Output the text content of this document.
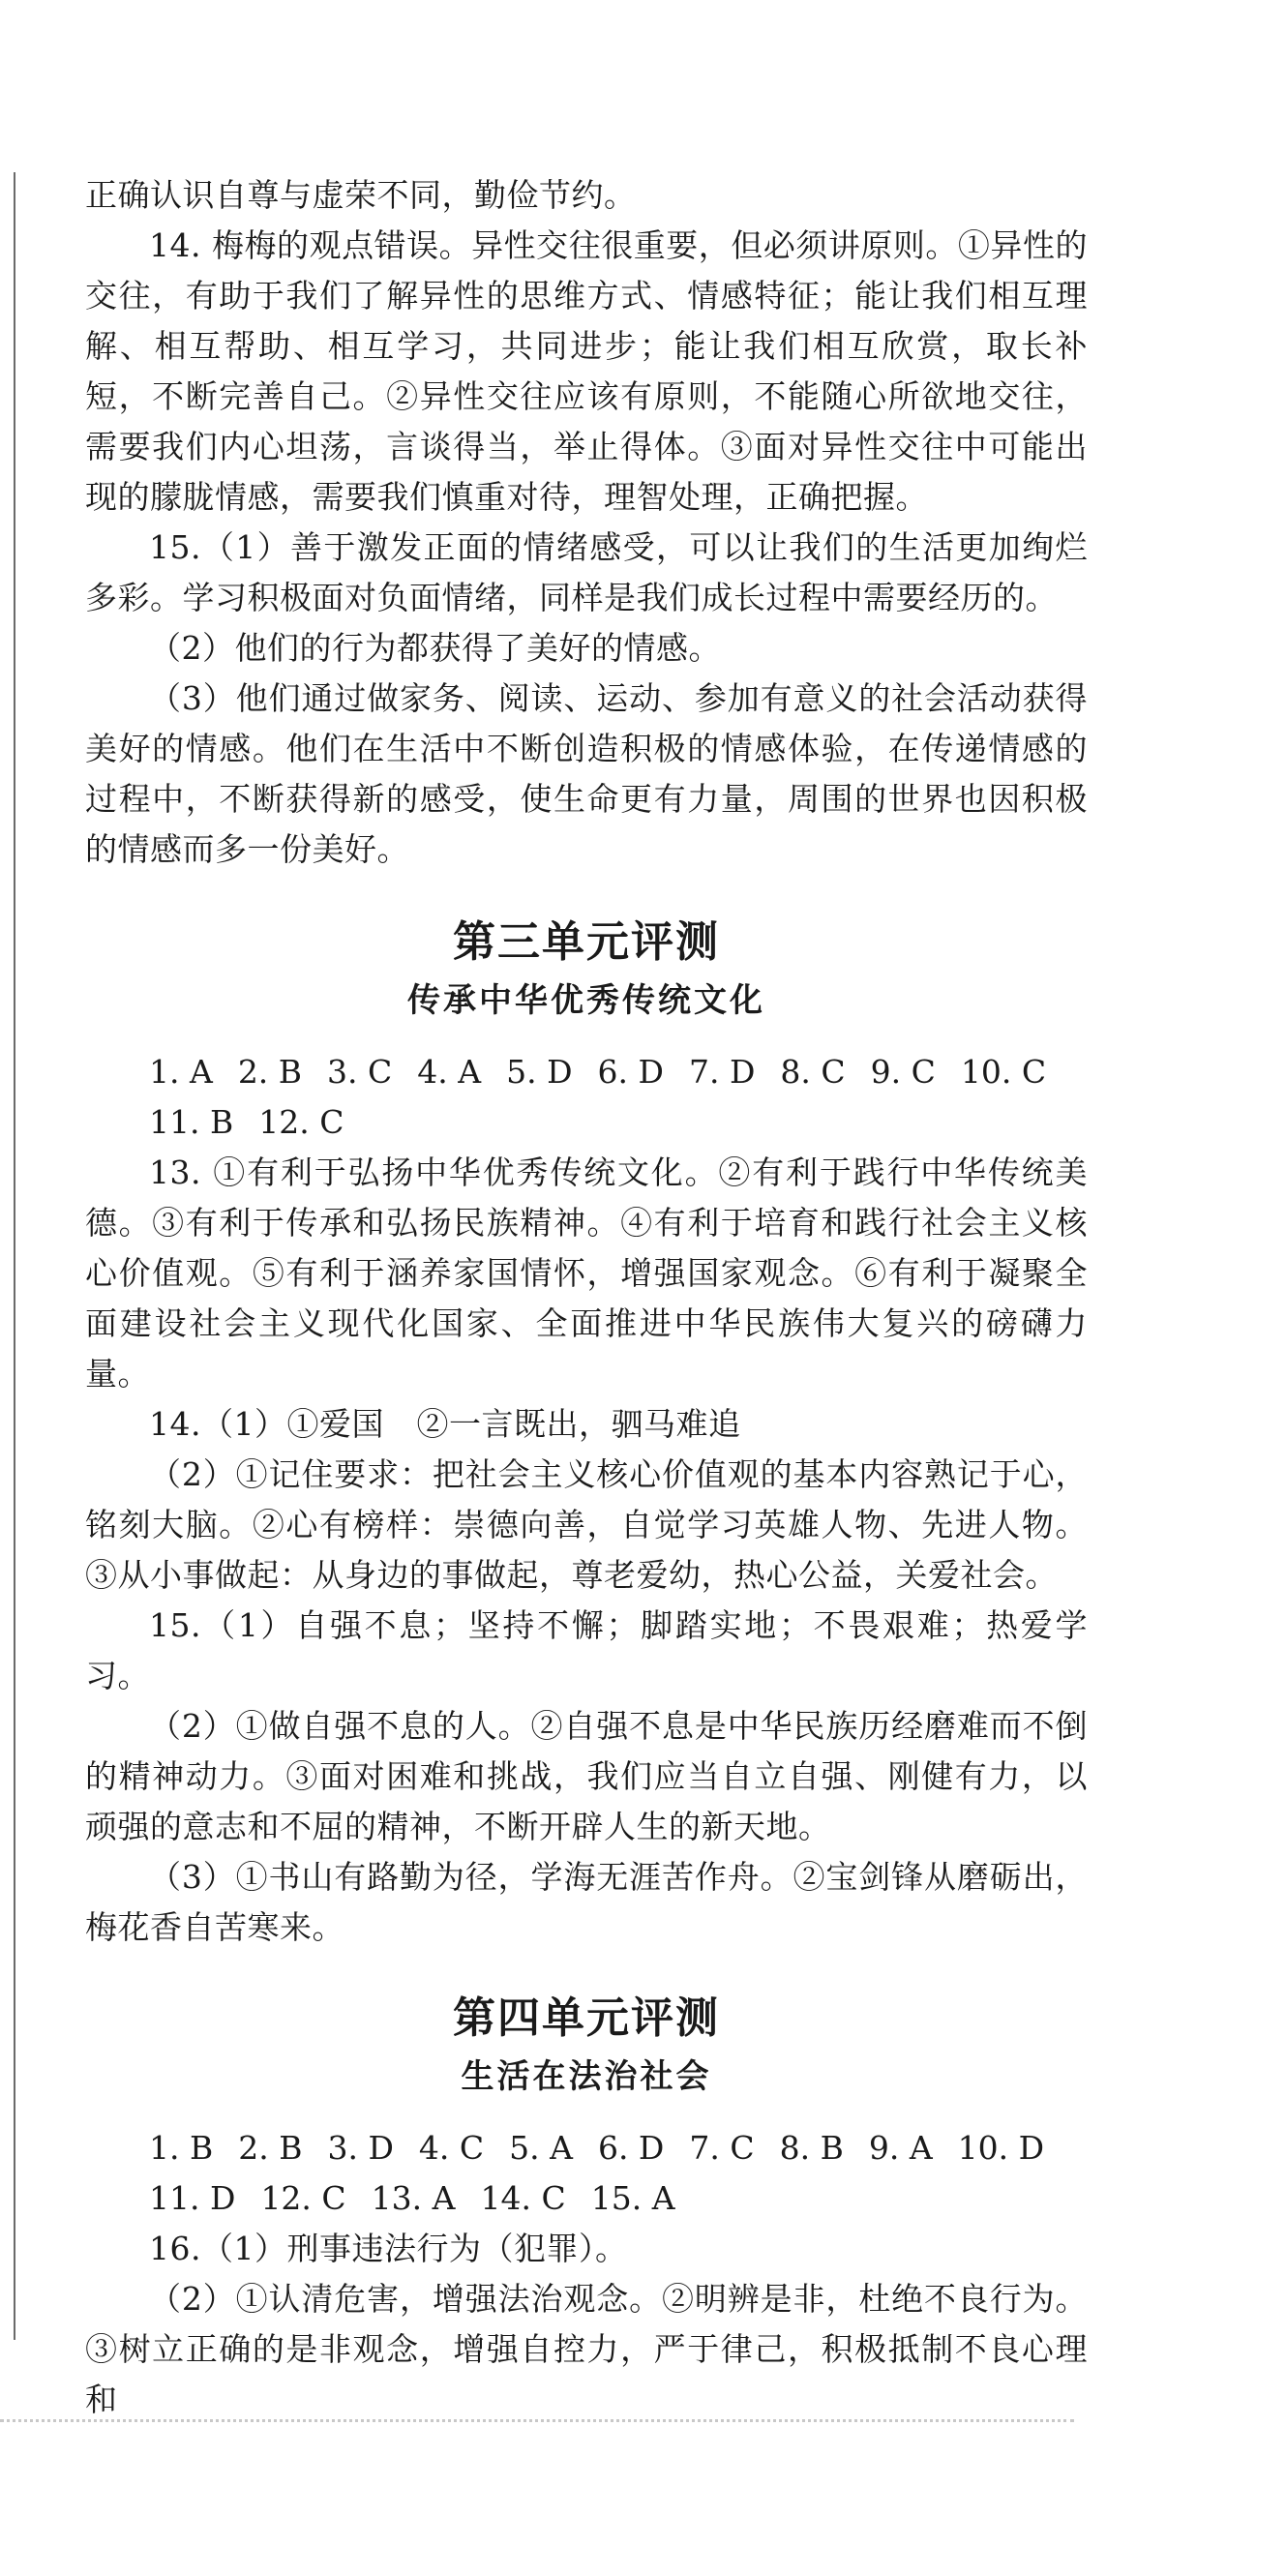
正确认识自尊与虚荣不同，勤俭节约。

14. 梅梅的观点错误。异性交往很重要，但必须讲原则。①异性的交往，有助于我们了解异性的思维方式、情感特征；能让我们相互理解、相互帮助、相互学习，共同进步；能让我们相互欣赏，取长补短，不断完善自己。②异性交往应该有原则，不能随心所欲地交往，需要我们内心坦荡，言谈得当，举止得体。③面对异性交往中可能出现的朦胧情感，需要我们慎重对待，理智处理，正确把握。

15.（1）善于激发正面的情绪感受，可以让我们的生活更加绚烂多彩。学习积极面对负面情绪，同样是我们成长过程中需要经历的。

（2）他们的行为都获得了美好的情感。

（3）他们通过做家务、阅读、运动、参加有意义的社会活动获得美好的情感。他们在生活中不断创造积极的情感体验，在传递情感的过程中，不断获得新的感受，使生命更有力量，周围的世界也因积极的情感而多一份美好。

第三单元评测
传承中华优秀传统文化
1. A 2. B 3. C 4. A 5. D 6. D 7. D 8. C 9. C 10. C
11. B 12. C

13. ①有利于弘扬中华优秀传统文化。②有利于践行中华传统美德。③有利于传承和弘扬民族精神。④有利于培育和践行社会主义核心价值观。⑤有利于涵养家国情怀，增强国家观念。⑥有利于凝聚全面建设社会主义现代化国家、全面推进中华民族伟大复兴的磅礴力量。

14.（1）①爱国　②一言既出，驷马难追

（2）①记住要求：把社会主义核心价值观的基本内容熟记于心，铭刻大脑。②心有榜样：崇德向善，自觉学习英雄人物、先进人物。③从小事做起：从身边的事做起，尊老爱幼，热心公益，关爱社会。

15.（1）自强不息；坚持不懈；脚踏实地；不畏艰难；热爱学习。

（2）①做自强不息的人。②自强不息是中华民族历经磨难而不倒的精神动力。③面对困难和挑战，我们应当自立自强、刚健有力，以顽强的意志和不屈的精神，不断开辟人生的新天地。

（3）①书山有路勤为径，学海无涯苦作舟。②宝剑锋从磨砺出，梅花香自苦寒来。

第四单元评测
生活在法治社会
1. B 2. B 3. D 4. C 5. A 6. D 7. C 8. B 9. A 10. D
11. D 12. C 13. A 14. C 15. A

16.（1）刑事违法行为（犯罪）。

（2）①认清危害，增强法治观念。②明辨是非，杜绝不良行为。③树立正确的是非观念，增强自控力，严于律己，积极抵制不良心理和
